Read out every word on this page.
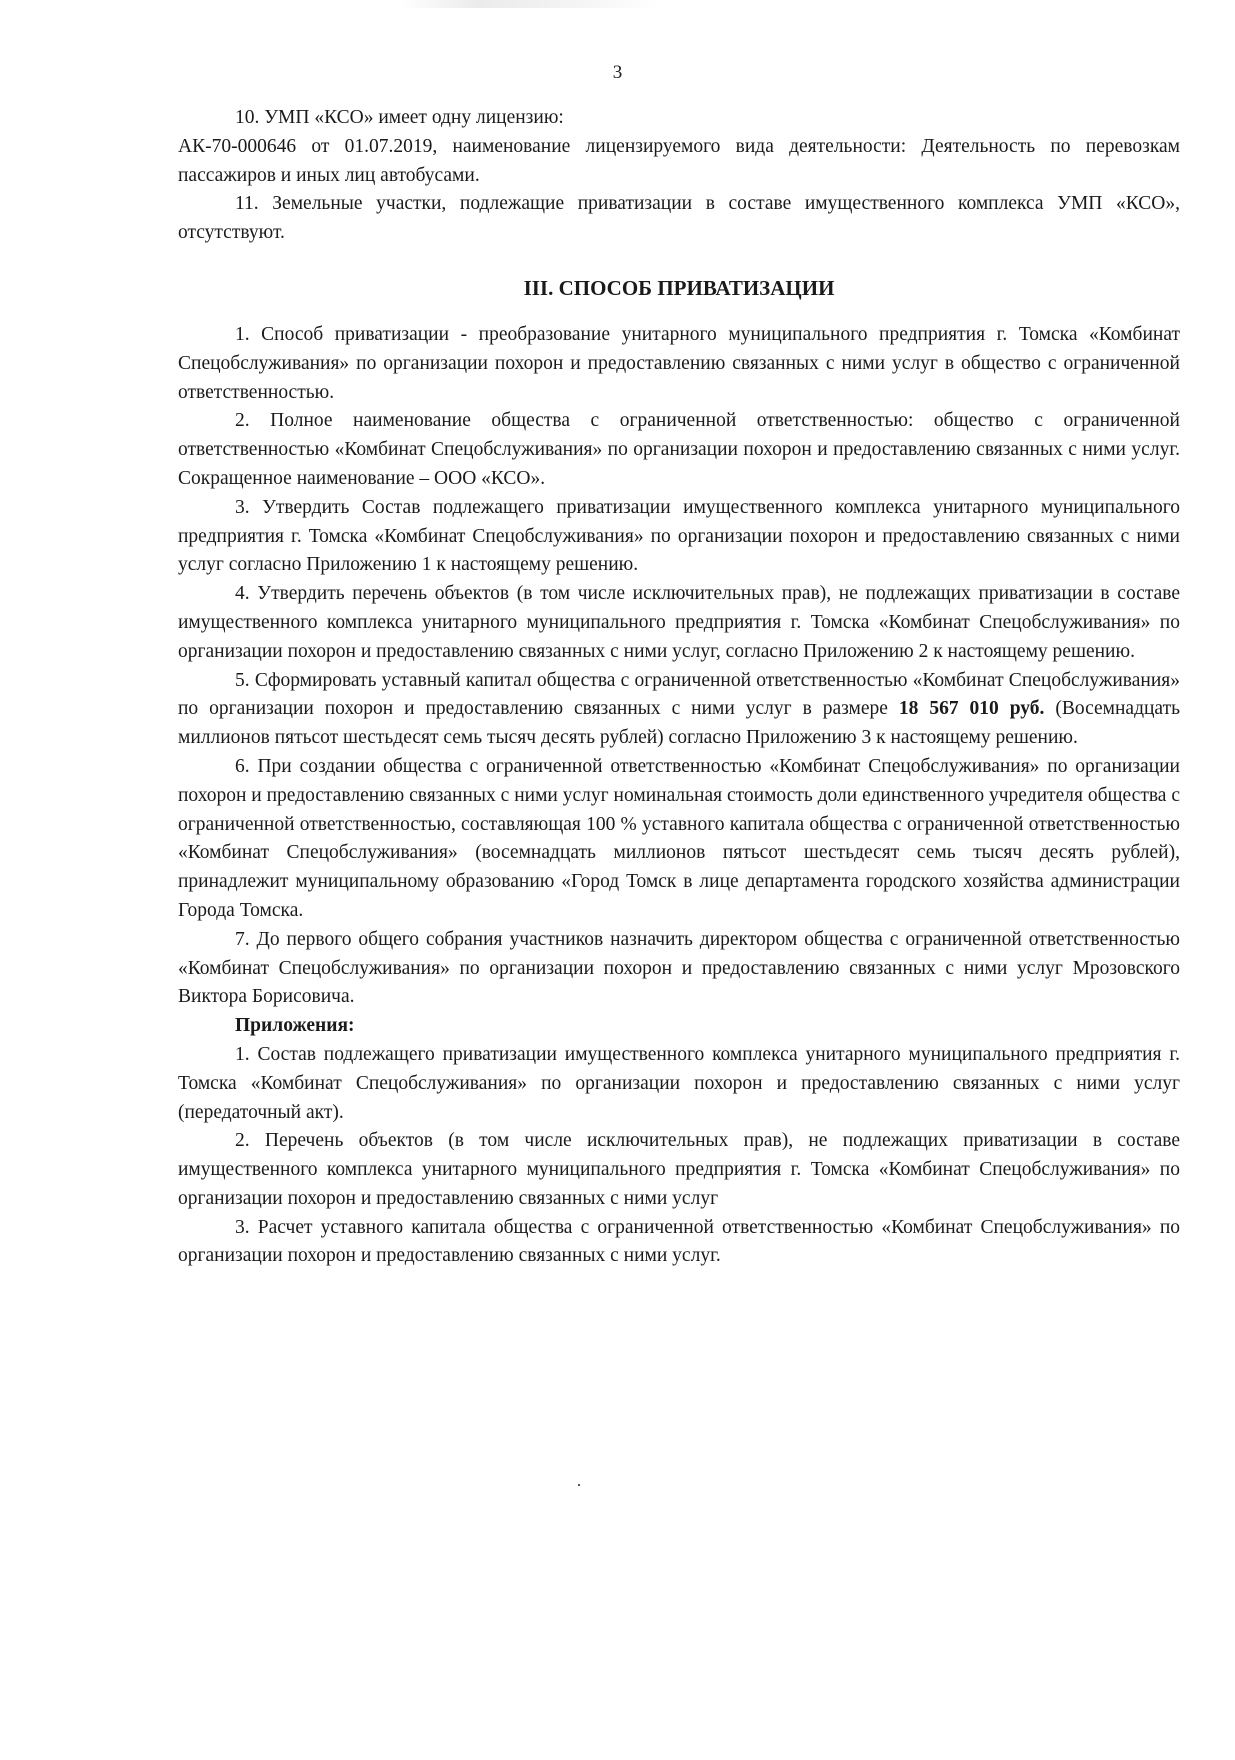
3

10. УМП «КСО» имеет одну лицензию:

АК-70-000646 от 01.07.2019, наименование лицензируемого вида деятельности: Деятельность по перевозкам пассажиров и иных лиц автобусами.

11. Земельные участки, подлежащие приватизации в составе имущественного комплекса УМП «КСО», отсутствуют.

III. СПОСОБ ПРИВАТИЗАЦИИ

1. Способ приватизации - преобразование унитарного муниципального предприятия г. Томска «Комбинат Спецобслуживания» по организации похорон и предоставлению связанных с ними услуг в общество с ограниченной ответственностью.

2. Полное наименование общества с ограниченной ответственностью: общество с ограниченной ответственностью «Комбинат Спецобслуживания» по организации похорон и предоставлению связанных с ними услуг. Сокращенное наименование – ООО «КСО».

3. Утвердить Состав подлежащего приватизации имущественного комплекса унитарного муниципального предприятия г. Томска «Комбинат Спецобслуживания» по организации похорон и предоставлению связанных с ними услуг согласно Приложению 1 к настоящему решению.

4. Утвердить перечень объектов (в том числе исключительных прав), не подлежащих приватизации в составе имущественного комплекса унитарного муниципального предприятия г. Томска «Комбинат Спецобслуживания» по организации похорон и предоставлению связанных с ними услуг, согласно Приложению 2 к настоящему решению.

5. Сформировать уставный капитал общества с ограниченной ответственностью «Комбинат Спецобслуживания» по организации похорон и предоставлению связанных с ними услуг в размере 18 567 010 руб. (Восемнадцать миллионов пятьсот шестьдесят семь тысяч десять рублей) согласно Приложению 3 к настоящему решению.

6. При создании общества с ограниченной ответственностью «Комбинат Спецобслуживания» по организации похорон и предоставлению связанных с ними услуг номинальная стоимость доли единственного учредителя общества с ограниченной ответственностью, составляющая 100 % уставного капитала общества с ограниченной ответственностью «Комбинат Спецобслуживания» (восемнадцать миллионов пятьсот шестьдесят семь тысяч десять рублей), принадлежит муниципальному образованию «Город Томск в лице департамента городского хозяйства администрации Города Томска.

7. До первого общего собрания участников назначить директором общества с ограниченной ответственностью «Комбинат Спецобслуживания» по организации похорон и предоставлению связанных с ними услуг Мрозовского Виктора Борисовича.

Приложения:

1. Состав подлежащего приватизации имущественного комплекса унитарного муниципального предприятия г. Томска «Комбинат Спецобслуживания» по организации похорон и предоставлению связанных с ними услуг (передаточный акт).

2. Перечень объектов (в том числе исключительных прав), не подлежащих приватизации в составе имущественного комплекса унитарного муниципального предприятия г. Томска «Комбинат Спецобслуживания» по организации похорон и предоставлению связанных с ними услуг

3. Расчет уставного капитала общества с ограниченной ответственностью «Комбинат Спецобслуживания» по организации похорон и предоставлению связанных с ними услуг.
